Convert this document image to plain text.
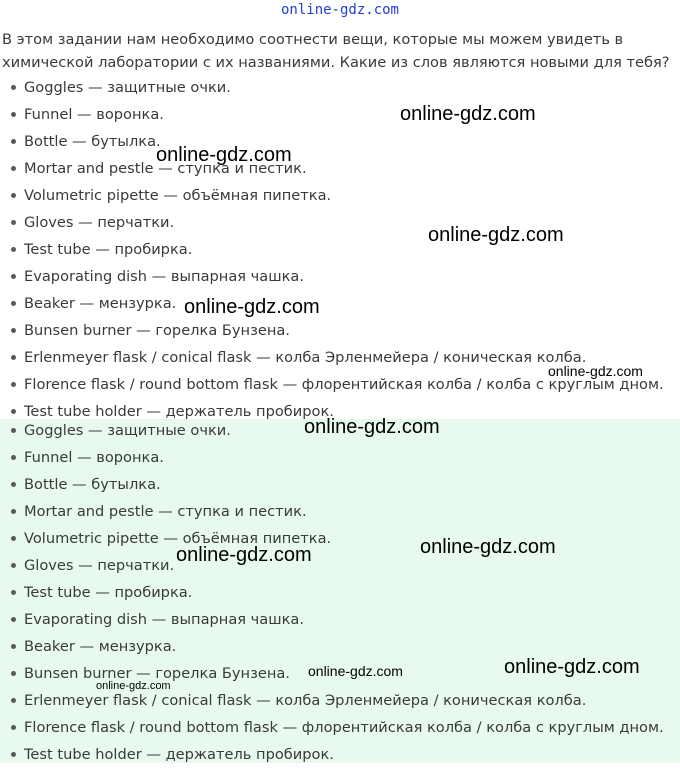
online-gdz.com
В этом задании нам необходимо соотнести вещи, которые мы можем увидеть в химической лаборатории с их названиями. Какие из слов являются новыми для тебя?
Goggles — защитные очки.
Funnel — воронка.
Bottle — бутылка.
Mortar and pestle — ступка и пестик.
Volumetric pipette — объёмная пипетка.
Gloves — перчатки.
Test tube — пробирка.
Evaporating dish — выпарная чашка.
Beaker — мензурка.
Bunsen burner — горелка Бунзена.
Erlenmeyer flask / conical flask — колба Эрленмейера / коническая колба.
Florence flask / round bottom flask — флорентийская колба / колба с круглым дном.
Test tube holder — держатель пробирок.
Goggles — защитные очки.
Funnel — воронка.
Bottle — бутылка.
Mortar and pestle — ступка и пестик.
Volumetric pipette — объёмная пипетка.
Gloves — перчатки.
Test tube — пробирка.
Evaporating dish — выпарная чашка.
Beaker — мензурка.
Bunsen burner — горелка Бунзена.
Erlenmeyer flask / conical flask — колба Эрленмейера / коническая колба.
Florence flask / round bottom flask — флорентийская колба / колба с круглым дном.
Test tube holder — держатель пробирок.
online-gdz.com
online-gdz.com
online-gdz.com
online-gdz.com
online-gdz.com
online-gdz.com
online-gdz.com
online-gdz.com
online-gdz.com
online-gdz.com
online-gdz.com
